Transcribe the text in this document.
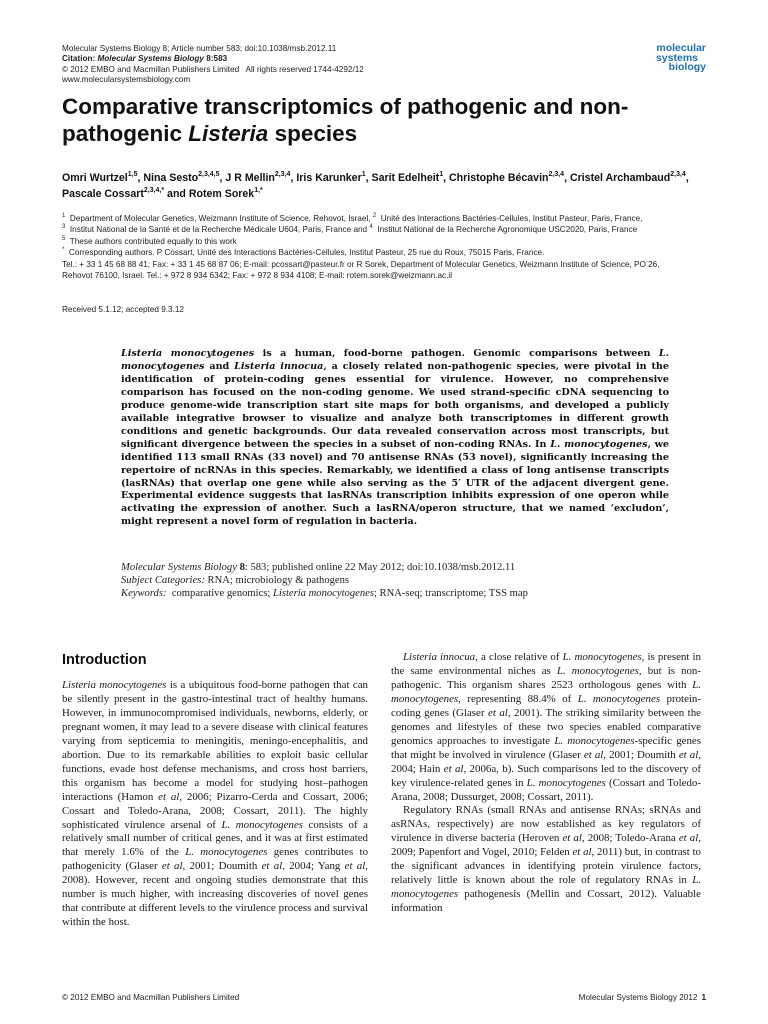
Molecular Systems Biology 8; Article number 583; doi:10.1038/msb.2012.11
Citation: Molecular Systems Biology 8:583
© 2012 EMBO and Macmillan Publishers Limited   All rights reserved 1744-4292/12
www.molecularsystemsbiology.com
molecular
systems
biology
Comparative transcriptomics of pathogenic and non-pathogenic Listeria species
Omri Wurtzel$^{1,5}$, Nina Sesto$^{2,3,4,5}$, J R Mellin$^{2,3,4}$, Iris Karunker$^1$, Sarit Edelheit$^1$, Christophe Bécavin$^{2,3,4}$, Cristel Archambaud$^{2,3,4}$,
Pascale Cossart$^{2,3,4,*}$ and Rotem Sorek$^{1,*}$
$^1$ Department of Molecular Genetics, Weizmann Institute of Science, Rehovot, Israel, $^2$ Unité des Interactions Bactéries-Cellules, Institut Pasteur, Paris, France,
$^3$ Institut National de la Santé et de la Recherche Médicale U604, Paris, France and $^4$ Institut National de la Recherche Agronomique USC2020, Paris, France
$^5$ These authors contributed equally to this work
* Corresponding authors. P Cossart, Unité des Interactions Bactéries-Cellules, Institut Pasteur, 25 rue du Roux, 75015 Paris, France.
Tel.: + 33 1 45 68 88 41; Fax: + 33 1 45 68 87 06; E-mail: pcossart@pasteur.fr or R Sorek, Department of Molecular Genetics, Weizmann Institute of Science, PO 26,
Rehovot 76100, Israel. Tel.: + 972 8 934 6342; Fax: + 972 8 934 4108; E-mail: rotem.sorek@weizmann.ac.il
Received 5.1.12; accepted 9.3.12
Listeria monocytogenes is a human, food-borne pathogen. Genomic comparisons between L. monocytogenes and Listeria innocua, a closely related non-pathogenic species, were pivotal in the identification of protein-coding genes essential for virulence. However, no comprehensive comparison has focused on the non-coding genome. We used strand-specific cDNA sequencing to produce genome-wide transcription start site maps for both organisms, and developed a publicly available integrative browser to visualize and analyze both transcriptomes in different growth conditions and genetic backgrounds. Our data revealed conservation across most transcripts, but significant divergence between the species in a subset of non-coding RNAs. In L. monocytogenes, we identified 113 small RNAs (33 novel) and 70 antisense RNAs (53 novel), significantly increasing the repertoire of ncRNAs in this species. Remarkably, we identified a class of long antisense transcripts (lasRNAs) that overlap one gene while also serving as the 5′ UTR of the adjacent divergent gene. Experimental evidence suggests that lasRNAs transcription inhibits expression of one operon while activating the expression of another. Such a lasRNA/operon structure, that we named ‘excludon’, might represent a novel form of regulation in bacteria.
Molecular Systems Biology 8: 583; published online 22 May 2012; doi:10.1038/msb.2012.11
Subject Categories: RNA; microbiology & pathogens
Keywords:  comparative genomics; Listeria monocytogenes; RNA-seq; transcriptome; TSS map
Introduction

Listeria monocytogenes is a ubiquitous food-borne pathogen that can be silently present in the gastro-intestinal tract of healthy humans. However, in immunocompromised individuals, newborns, elderly, or pregnant women, it may lead to a severe disease with clinical features varying from septicemia to meningitis, meningo-encephalitis, and abortion. Due to its remarkable abilities to exploit basic cellular functions, evade host defense mechanisms, and cross host barriers, this organism has become a model for studying host–pathogen interactions (Hamon et al, 2006; Pizarro-Cerda and Cossart, 2006; Cossart and Toledo-Arana, 2008; Cossart, 2011). The highly sophisticated virulence arsenal of L. monocytogenes consists of a relatively small number of critical genes, and it was at first estimated that merely 1.6% of the L. monocytogenes genes contributes to pathogenicity (Glaser et al, 2001; Doumith et al, 2004; Yang et al, 2008). However, recent and ongoing studies demonstrate that this number is much higher, with increasing discoveries of novel genes that contribute at different levels to the virulence process and survival within the host.

Listeria innocua, a close relative of L. monocytogenes, is present in the same environmental niches as L. monocytogenes, but is non-pathogenic. This organism shares 2523 orthologous genes with L. monocytogenes, representing 88.4% of L. monocytogenes protein-coding genes (Glaser et al, 2001). The striking similarity between the genomes and lifestyles of these two species enabled comparative genomics approaches to investigate L. monocytogenes-specific genes that might be involved in virulence (Glaser et al, 2001; Doumith et al, 2004; Hain et al, 2006a, b). Such comparisons led to the discovery of key virulence-related genes in L. monocytogenes (Cossart and Toledo-Arana, 2008; Dussurget, 2008; Cossart, 2011).

Regulatory RNAs (small RNAs and antisense RNAs; sRNAs and asRNAs, respectively) are now established as key regulators of virulence in diverse bacteria (Heroven et al, 2008; Toledo-Arana et al, 2009; Papenfort and Vogel, 2010; Felden et al, 2011) but, in contrast to the significant advances in identifying protein virulence factors, relatively little is known about the role of regulatory RNAs in L. monocytogenes pathogenesis (Mellin and Cossart, 2012). Valuable information

© 2012 EMBO and Macmillan Publishers Limited	Molecular Systems Biology 2012 1
